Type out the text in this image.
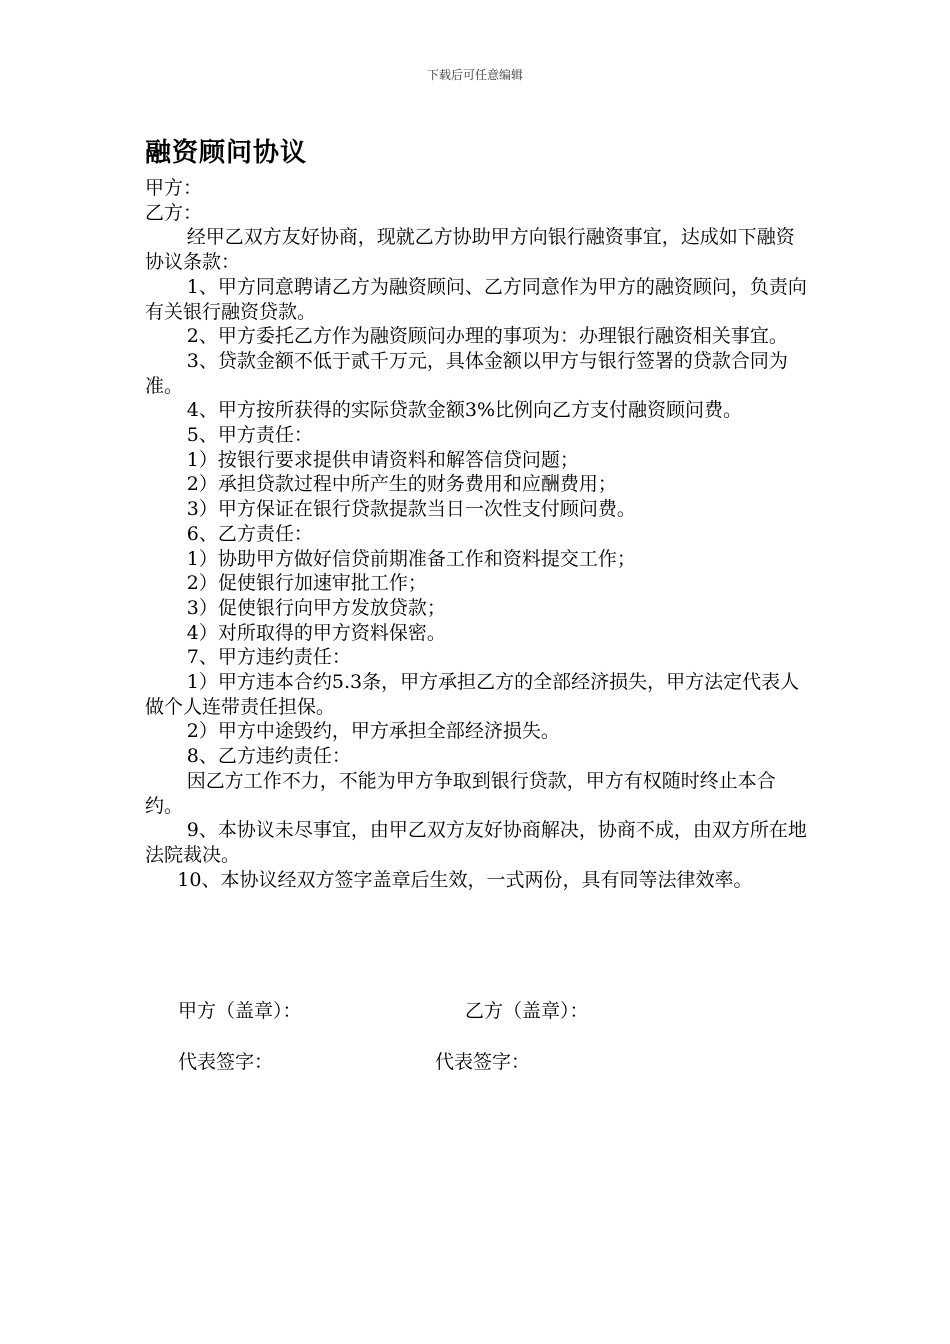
下载后可任意编辑
融资顾问协议

甲方：

乙方：

经甲乙双方友好协商，现就乙方协助甲方向银行融资事宜，达成如下融资协议条款：

1、甲方同意聘请乙方为融资顾问、乙方同意作为甲方的融资顾问，负责向有关银行融资贷款。

2、甲方委托乙方作为融资顾问办理的事项为：办理银行融资相关事宜。

3、贷款金额不低于贰千万元，具体金额以甲方与银行签署的贷款合同为准。

4、甲方按所获得的实际贷款金额3%比例向乙方支付融资顾问费。

5、甲方责任：

1）按银行要求提供申请资料和解答信贷问题；

2）承担贷款过程中所产生的财务费用和应酬费用；

3）甲方保证在银行贷款提款当日一次性支付顾问费。

6、乙方责任：

1）协助甲方做好信贷前期准备工作和资料提交工作；

2）促使银行加速审批工作；

3）促使银行向甲方发放贷款；

4）对所取得的甲方资料保密。

7、甲方违约责任：

1）甲方违本合约5.3条，甲方承担乙方的全部经济损失，甲方法定代表人做个人连带责任担保。

2）甲方中途毁约，甲方承担全部经济损失。

8、乙方违约责任：

因乙方工作不力，不能为甲方争取到银行贷款，甲方有权随时终止本合约。

9、本协议未尽事宜，由甲乙双方友好协商解决，协商不成，由双方所在地法院裁决。

10、本协议经双方签字盖章后生效，一式两份，具有同等法律效率。

甲方（盖章）：	乙方（盖章）：
代表签字：	代表签字：
